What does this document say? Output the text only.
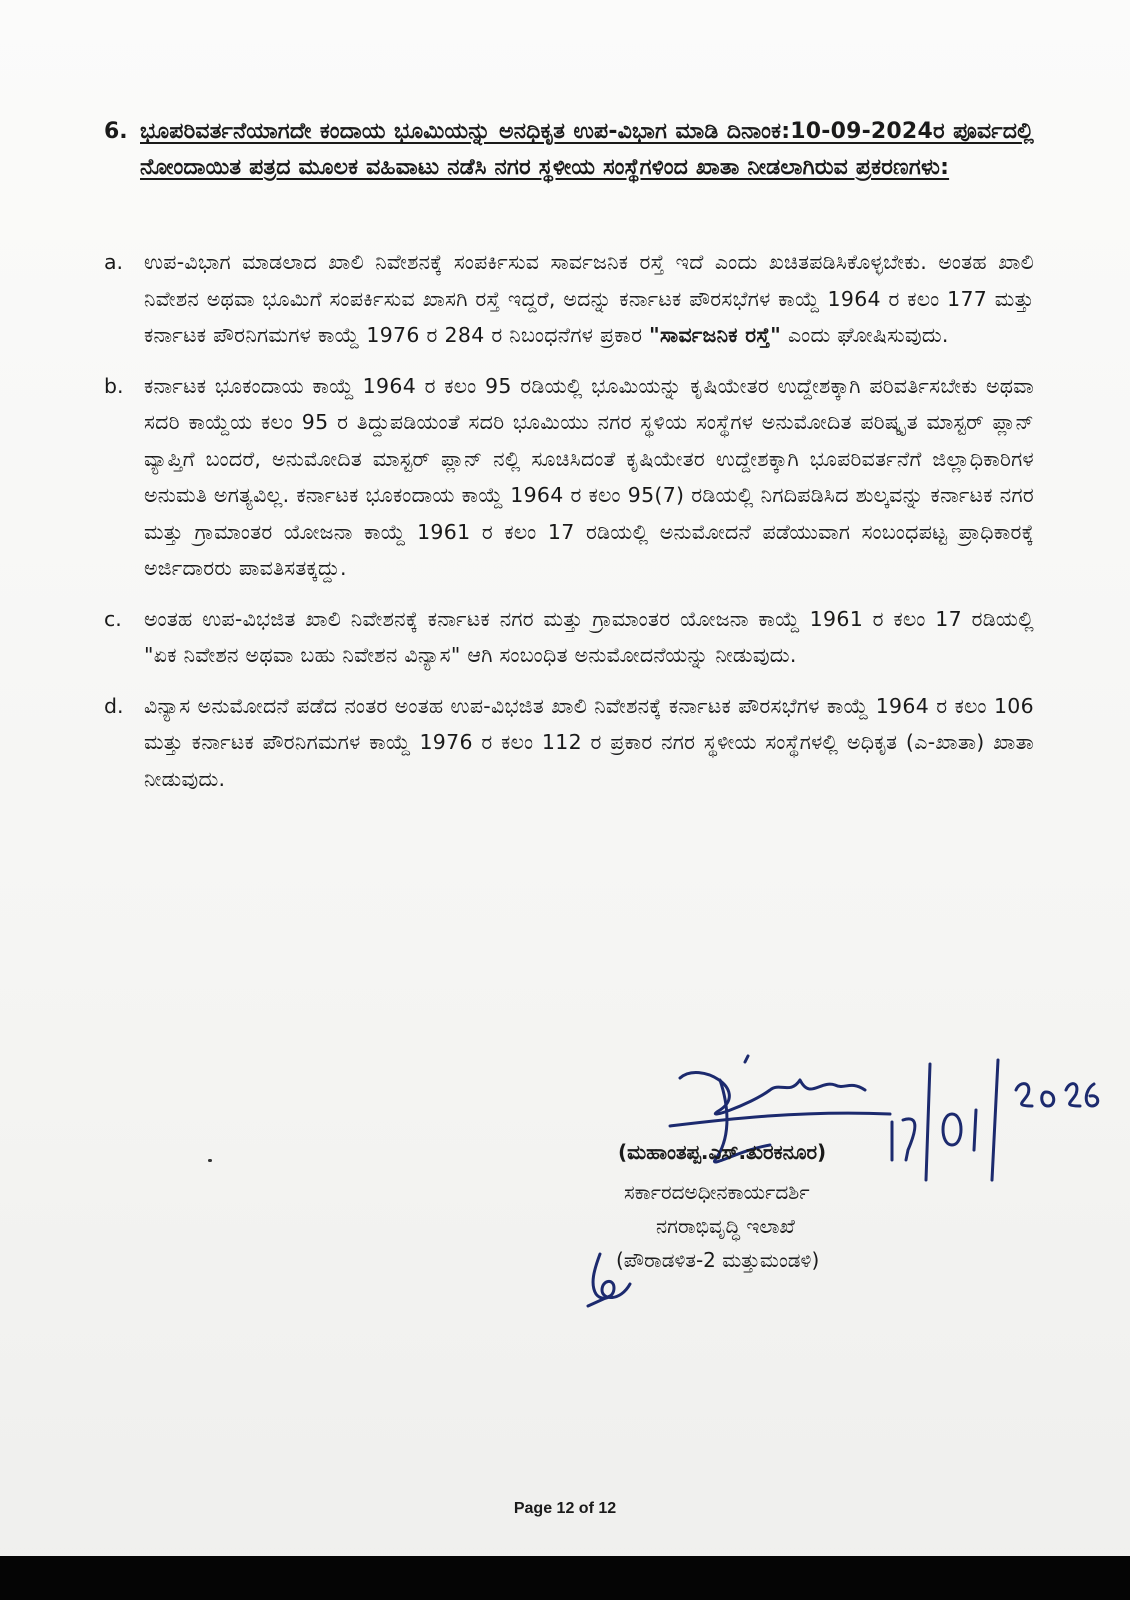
6. ಭೂಪರಿವರ್ತನೆಯಾಗದೇ ಕಂದಾಯ ಭೂಮಿಯನ್ನು ಅನಧಿಕೃತ ಉಪ-ವಿಭಾಗ ಮಾಡಿ ದಿನಾಂಕ:10-09-2024ರ ಪೂರ್ವದಲ್ಲಿ ನೋಂದಾಯಿತ ಪತ್ರದ ಮೂಲಕ ವಹಿವಾಟು ನಡೆಸಿ ನಗರ ಸ್ಥಳೀಯ ಸಂಸ್ಥೆಗಳಿಂದ ಖಾತಾ ನೀಡಲಾಗಿರುವ ಪ್ರಕರಣಗಳು:
a.	ಉಪ-ವಿಭಾಗ ಮಾಡಲಾದ ಖಾಲಿ ನಿವೇಶನಕ್ಕೆ ಸಂಪರ್ಕಿಸುವ ಸಾರ್ವಜನಿಕ ರಸ್ತೆ ಇದೆ ಎಂದು ಖಚಿತಪಡಿಸಿಕೊಳ್ಳಬೇಕು. ಅಂತಹ ಖಾಲಿ ನಿವೇಶನ ಅಥವಾ ಭೂಮಿಗೆ ಸಂಪರ್ಕಿಸುವ ಖಾಸಗಿ ರಸ್ತೆ ಇದ್ದರೆ, ಅದನ್ನು ಕರ್ನಾಟಕ ಪೌರಸಭೆಗಳ ಕಾಯ್ದೆ 1964 ರ ಕಲಂ 177 ಮತ್ತು ಕರ್ನಾಟಕ ಪೌರನಿಗಮಗಳ ಕಾಯ್ದೆ 1976 ರ 284 ರ ನಿಬಂಧನೆಗಳ ಪ್ರಕಾರ "ಸಾರ್ವಜನಿಕ ರಸ್ತೆ" ಎಂದು ಘೋಷಿಸುವುದು.
b. ಕರ್ನಾಟಕ ಭೂಕಂದಾಯ ಕಾಯ್ದೆ 1964 ರ ಕಲಂ 95 ರಡಿಯಲ್ಲಿ ಭೂಮಿಯನ್ನು ಕೃಷಿಯೇತರ ಉದ್ದೇಶಕ್ಕಾಗಿ ಪರಿವರ್ತಿಸಬೇಕು ಅಥವಾ ಸದರಿ ಕಾಯ್ದೆಯ ಕಲಂ 95 ರ ತಿದ್ದುಪಡಿಯಂತೆ ಸದರಿ ಭೂಮಿಯು ನಗರ ಸ್ಥಳಿಯ ಸಂಸ್ಥೆಗಳ ಅನುಮೋದಿತ ಪರಿಷ್ಕೃತ ಮಾಸ್ಟರ್ ಪ್ಲಾನ್ ವ್ಯಾಪ್ತಿಗೆ ಬಂದರೆ, ಅನುಮೋದಿತ ಮಾಸ್ಟರ್ ಪ್ಲಾನ್ ನಲ್ಲಿ ಸೂಚಿಸಿದಂತೆ ಕೃಷಿಯೇತರ ಉದ್ದೇಶಕ್ಕಾಗಿ ಭೂಪರಿವರ್ತನೆಗೆ ಜಿಲ್ಲಾಧಿಕಾರಿಗಳ ಅನುಮತಿ ಅಗತ್ಯವಿಲ್ಲ. ಕರ್ನಾಟಕ ಭೂಕಂದಾಯ ಕಾಯ್ದೆ 1964 ರ ಕಲಂ 95(7) ರಡಿಯಲ್ಲಿ ನಿಗದಿಪಡಿಸಿದ ಶುಲ್ಕವನ್ನು ಕರ್ನಾಟಕ ನಗರ ಮತ್ತು ಗ್ರಾಮಾಂತರ ಯೋಜನಾ ಕಾಯ್ದೆ 1961 ರ ಕಲಂ 17 ರಡಿಯಲ್ಲಿ ಅನುಮೋದನೆ ಪಡೆಯುವಾಗ ಸಂಬಂಧಪಟ್ಟ ಪ್ರಾಧಿಕಾರಕ್ಕೆ ಅರ್ಜಿದಾರರು ಪಾವತಿಸತಕ್ಕದ್ದು.
c.	ಅಂತಹ ಉಪ-ವಿಭಜಿತ ಖಾಲಿ ನಿವೇಶನಕ್ಕೆ ಕರ್ನಾಟಕ ನಗರ ಮತ್ತು ಗ್ರಾಮಾಂತರ ಯೋಜನಾ ಕಾಯ್ದೆ 1961 ರ ಕಲಂ 17 ರಡಿಯಲ್ಲಿ "ಏಕ ನಿವೇಶನ ಅಥವಾ ಬಹು ನಿವೇಶನ ವಿನ್ಯಾಸ" ಆಗಿ ಸಂಬಂಧಿತ ಅನುಮೋದನೆಯನ್ನು ನೀಡುವುದು.
d. ವಿನ್ಯಾಸ ಅನುಮೋದನೆ ಪಡೆದ ನಂತರ ಅಂತಹ ಉಪ-ವಿಭಜಿತ ಖಾಲಿ ನಿವೇಶನಕ್ಕೆ ಕರ್ನಾಟಕ ಪೌರಸಭೆಗಳ ಕಾಯ್ದೆ 1964 ರ ಕಲಂ 106 ಮತ್ತು ಕರ್ನಾಟಕ ಪೌರನಿಗಮಗಳ ಕಾಯ್ದೆ 1976 ರ ಕಲಂ 112 ರ ಪ್ರಕಾರ ನಗರ ಸ್ಥಳೀಯ ಸಂಸ್ಥೆಗಳಲ್ಲಿ ಅಧಿಕೃತ (ಎ-ಖಾತಾ) ಖಾತಾ ನೀಡುವುದು.
(ಮಹಾಂತಪ್ಪ.ಎಸ್.ತುರಕನೂರ)
ಸರ್ಕಾರದಅಧೀನಕಾರ್ಯದರ್ಶಿ
ನಗರಾಭಿವೃದ್ಧಿ ಇಲಾಖೆ
(ಪೌರಾಡಳಿತ-2 ಮತ್ತುಮಂಡಳಿ)
Page 12 of 12
